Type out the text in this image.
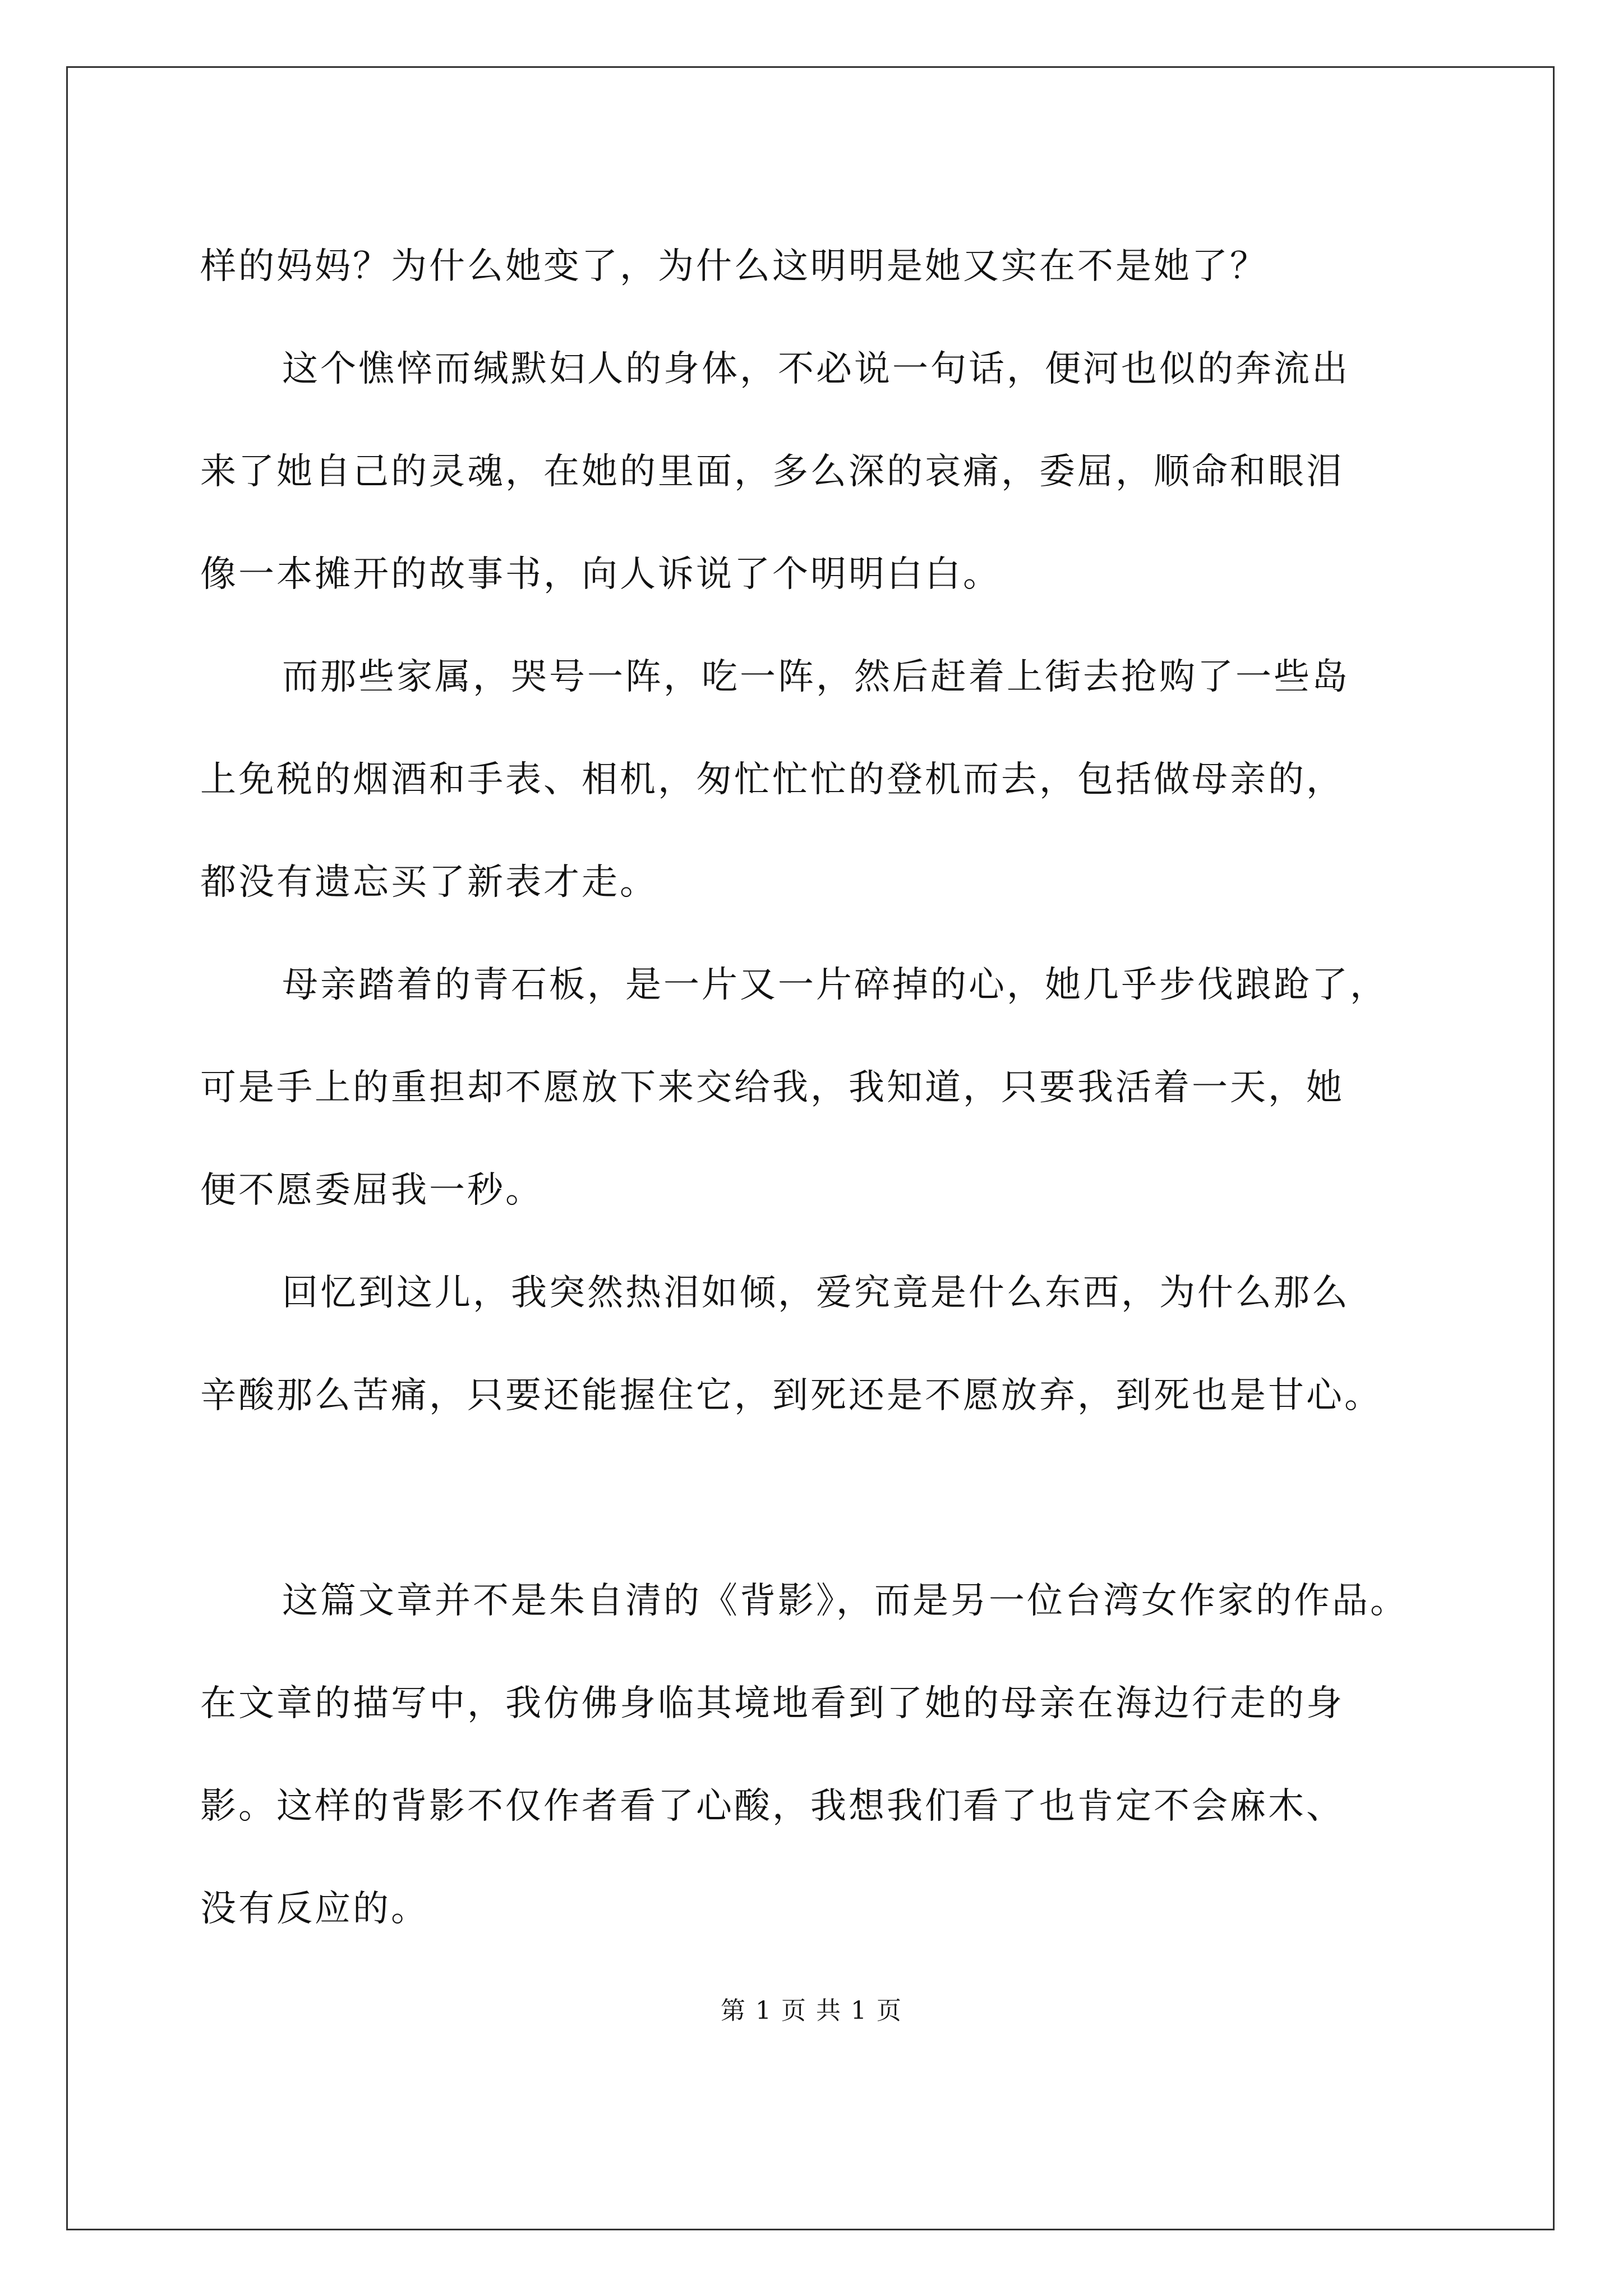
样的妈妈？为什么她变了，为什么这明明是她又实在不是她了？

这个憔悴而缄默妇人的身体，不必说一句话，便河也似的奔流出
来了她自己的灵魂，在她的里面，多么深的哀痛，委屈，顺命和眼泪
像一本摊开的故事书，向人诉说了个明明白白。

而那些家属，哭号一阵，吃一阵，然后赶着上街去抢购了一些岛
上免税的烟酒和手表、相机，匆忙忙忙的登机而去，包括做母亲的，
都没有遗忘买了新表才走。

母亲踏着的青石板，是一片又一片碎掉的心，她几乎步伐踉跄了，
可是手上的重担却不愿放下来交给我，我知道，只要我活着一天，她
便不愿委屈我一秒。

回忆到这儿，我突然热泪如倾，爱究竟是什么东西，为什么那么
辛酸那么苦痛，只要还能握住它，到死还是不愿放弃，到死也是甘心。

这篇文章并不是朱自清的《背影》，而是另一位台湾女作家的作品。
在文章的描写中，我仿佛身临其境地看到了她的母亲在海边行走的身
影。这样的背影不仅作者看了心酸，我想我们看了也肯定不会麻木、
没有反应的。

第 1 页 共 1 页
